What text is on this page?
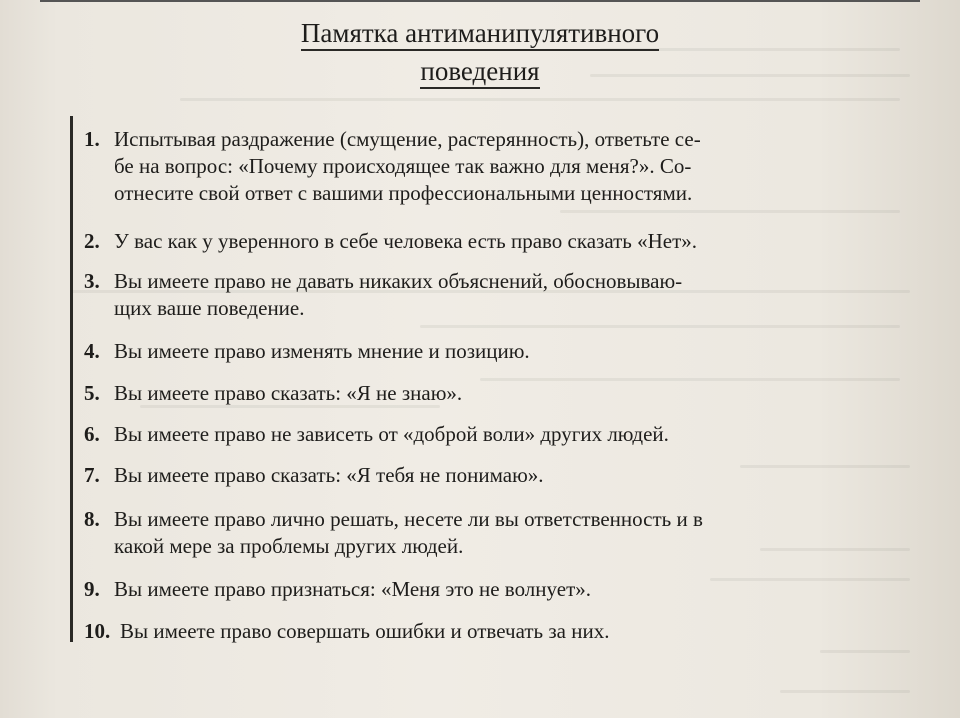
Памятка антиманипулятивного
поведения
1. Испытывая раздражение (смущение, растерянность), ответьте се-
бе на вопрос: «Почему происходящее так важно для меня?». Со-
отнесите свой ответ с вашими профессиональными ценностями.
2. У вас как у уверенного в себе человека есть право сказать «Нет».
3. Вы имеете право не давать никаких объяснений, обосновываю-
щих ваше поведение.
4. Вы имеете право изменять мнение и позицию.
5. Вы имеете право сказать: «Я не знаю».
6. Вы имеете право не зависеть от «доброй воли» других людей.
7. Вы имеете право сказать: «Я тебя не понимаю».
8. Вы имеете право лично решать, несете ли вы ответственность и в
какой мере за проблемы других людей.
9. Вы имеете право признаться: «Меня это не волнует».
10. Вы имеете право совершать ошибки и отвечать за них.
